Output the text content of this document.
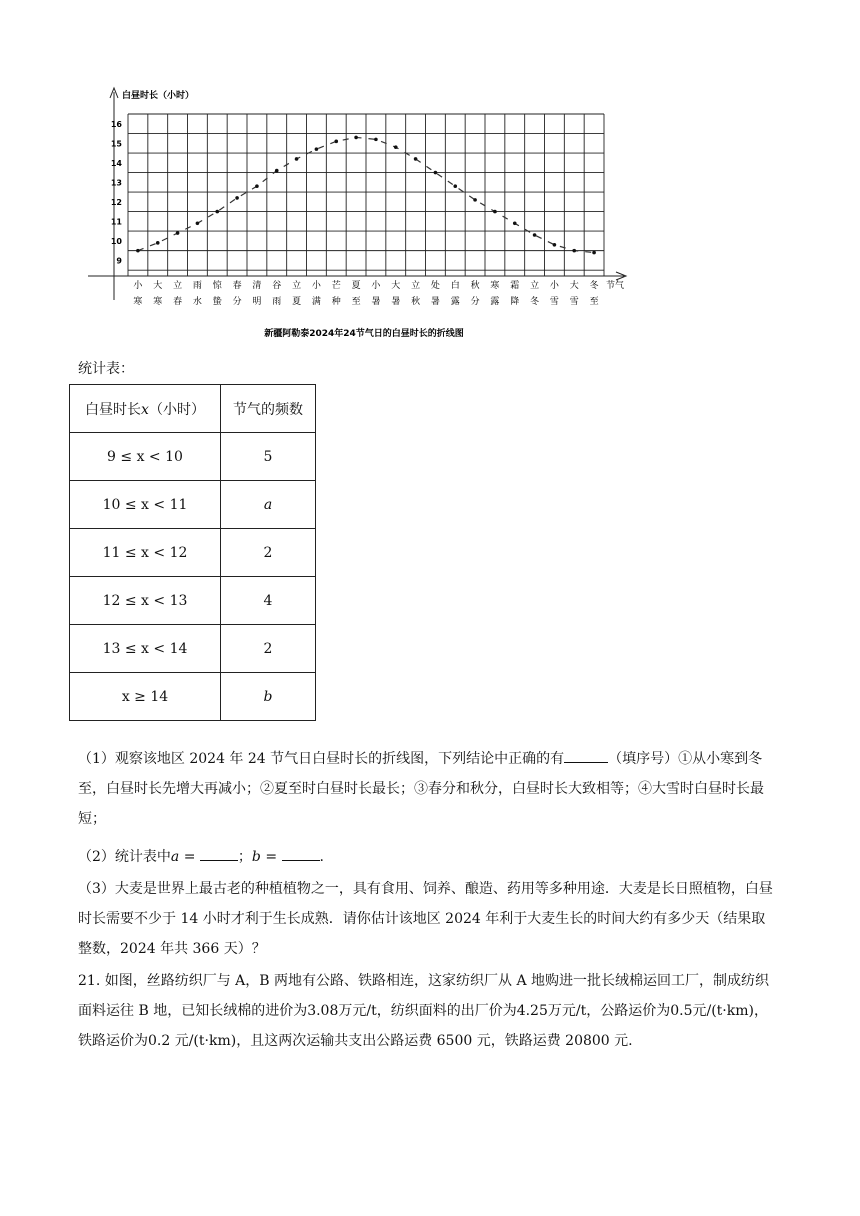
白昼时长（小时）
9
10
11
12
13
14
15
16
小
寒
大
寒
立
春
雨
水
惊
蛰
春
分
清
明
谷
雨
立
夏
小
满
芒
种
夏
至
小
暑
大
暑
立
秋
处
暑
白
露
秋
分
寒
露
霜
降
立
冬
小
雪
大
雪
冬
至
节气
新疆阿勒泰2024年24节气日的白昼时长的折线图
统计表：
白昼时长x（小时）	节气的频数
9 ≤ x < 10	5
10 ≤ x < 11	a
11 ≤ x < 12	2
12 ≤ x < 13	4
13 ≤ x < 14	2
x ≥ 14	b
（1）观察该地区 2024 年 24 节气日白昼时长的折线图，下列结论中正确的有	（填序号）①从小寒到冬至，白昼时长先增大再减小；②夏至时白昼时长最长；③春分和秋分，白昼时长大致相等；④大雪时白昼时长最短；
（2）统计表中a =	；b =	.
（3）大麦是世界上最古老的种植植物之一，具有食用、饲养、酿造、药用等多种用途．大麦是长日照植物，白昼时长需要不少于 14 小时才利于生长成熟．请你估计该地区 2024 年利于大麦生长的时间大约有多少天（结果取整数，2024 年共 366 天）？
21. 如图，丝路纺织厂与 A，B 两地有公路、铁路相连，这家纺织厂从 A 地购进一批长绒棉运回工厂，制成纺织面料运往 B 地，已知长绒棉的进价为3.08万元/t，纺织面料的出厂价为4.25万元/t，公路运价为0.5元/(t·km)，铁路运价为0.2 元/(t·km)，且这两次运输共支出公路运费 6500 元，铁路运费 20800 元.
